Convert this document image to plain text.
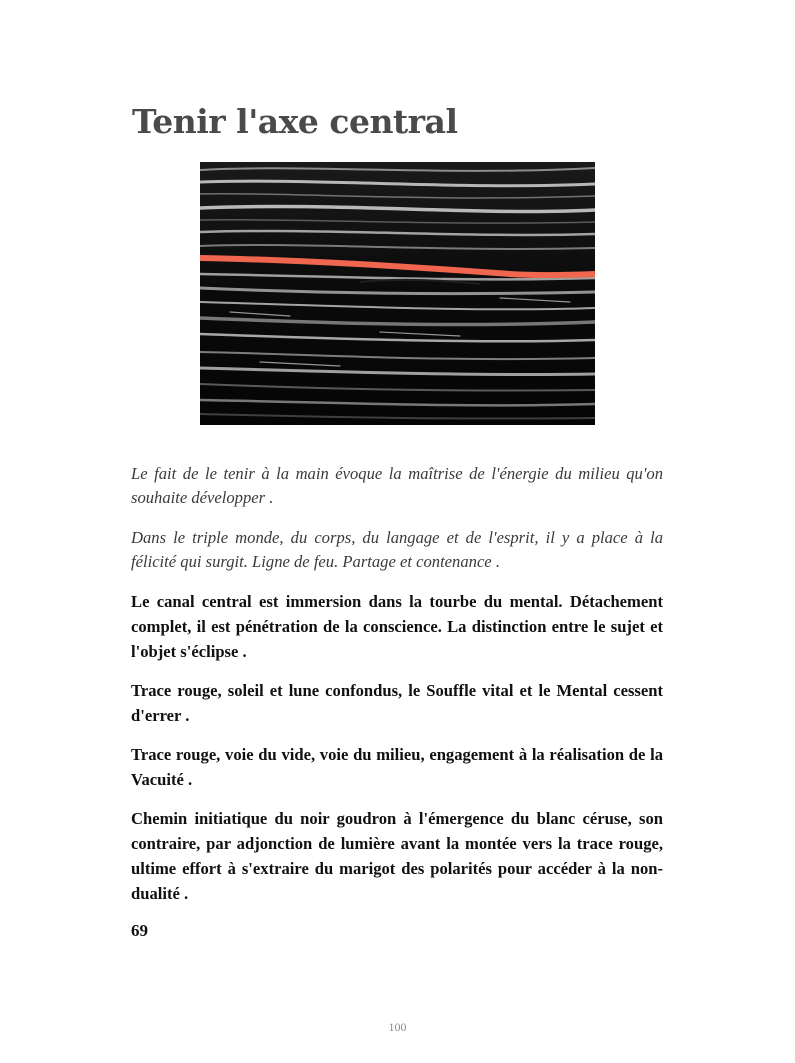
Tenir l'axe central

Le fait de le tenir à la main évoque la maîtrise de l'énergie du milieu qu'on souhaite développer .

Dans le triple monde, du corps, du langage et de l'esprit, il y a place à la félicité qui surgit. Ligne de feu. Partage et contenance .

Le canal central est immersion dans la tourbe du mental. Détachement complet, il est pénétration de la conscience. La distinction entre le sujet et l'objet s'éclipse .

Trace rouge, soleil et lune confondus, le Souffle vital et le Mental cessent d'errer .

Trace rouge, voie du vide, voie du milieu, engagement à la réalisation de la Vacuité .

Chemin initiatique du noir goudron à l'émergence du blanc céruse, son contraire, par adjonction de lumière avant la montée vers la trace rouge, ultime effort à s'extraire du marigot des polarités pour accéder à la non-dualité .

69
100
